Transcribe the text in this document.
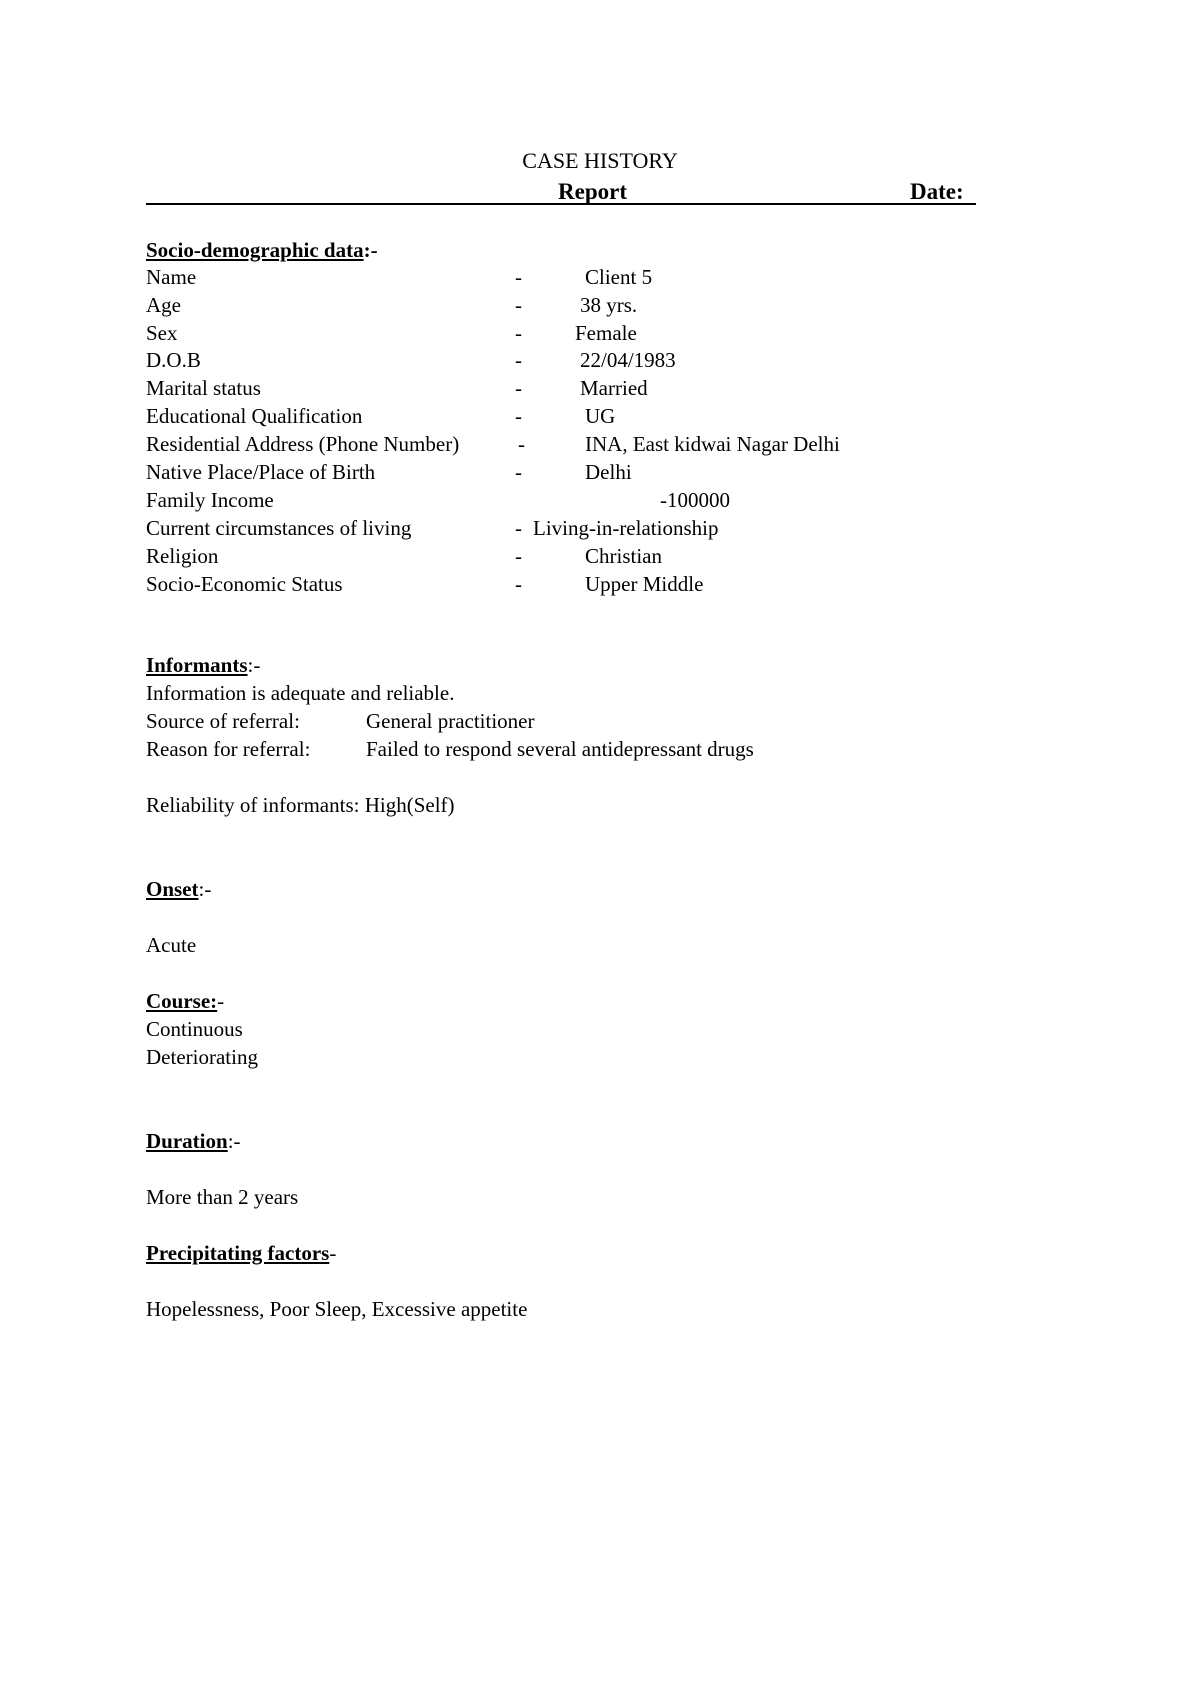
CASE HISTORY
Report	Date:
Socio-demographic data:-
Name	-	Client 5
Age	-	38 yrs.
Sex	-	Female
D.O.B	-	22/04/1983
Marital status	-	Married
Educational Qualification	-	UG
Residential Address (Phone Number)	-	INA, East kidwai Nagar Delhi
Native Place/Place of Birth	-	Delhi
Family Income	-100000
Current circumstances of living	- Living-in-relationship
Religion	-	Christian
Socio-Economic Status	-	Upper Middle
Informants:-
Information is adequate and reliable.
Source of referral:	General practitioner
Reason for referral:	Failed to respond several antidepressant drugs
Reliability of informants: High(Self)
Onset:-
Acute
Course:-
Continuous
Deteriorating
Duration:-
More than 2 years
Precipitating factors-
Hopelessness, Poor Sleep, Excessive appetite
